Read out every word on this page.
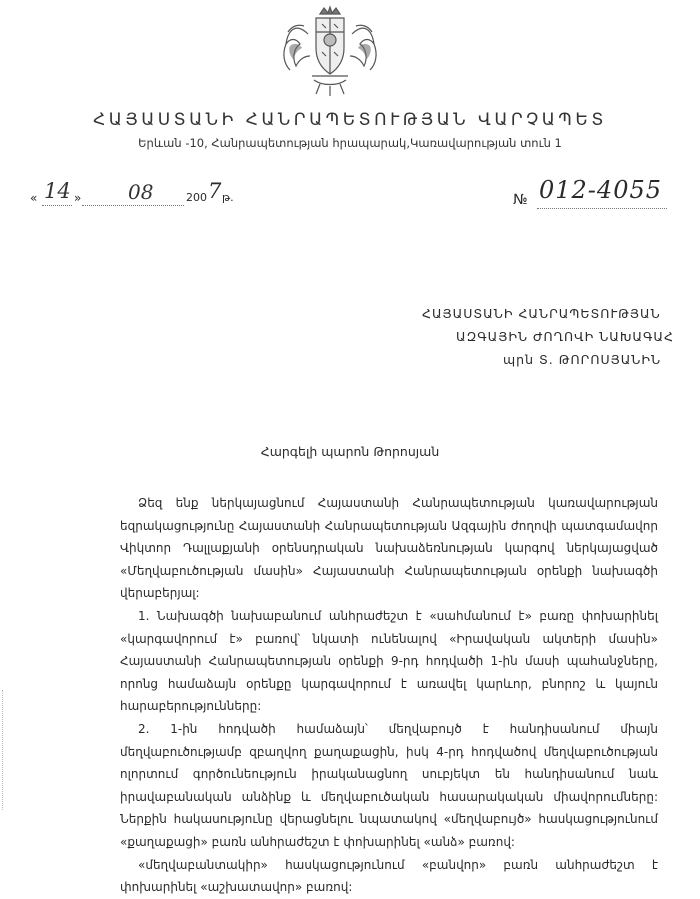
ՀԱՅԱՍՏԱՆԻ ՀԱՆՐԱՊԵՏՈՒԹՅԱՆ ՎԱՐՉԱՊԵՏ
Երևան -10, Հանրապետության հրապարակ,Կառավարության տուն 1
« 14 » 08	200 7 թ.	№ 012-4055
ՀԱՅԱՍՏԱՆԻ ՀԱՆՐԱՊԵՏՈՒԹՅԱՆ
ԱԶԳԱՅԻՆ ԺՈՂՈՎԻ ՆԱԽԱԳԱՀ
պրն Տ. ԹՈՐՈՍՅԱՆԻՆ
Հարգելի պարոն Թորոսյան

Ձեզ ենք ներկայացնում Հայաստանի Հանրապետության կառավարության եզրակացությունը Հայաստանի Հանրապետության Ազգային ժողովի պատգամավոր Վիկտոր Դալլաքյանի օրենսդրական նախաձեռնության կարգով ներկայացված «Մեղվաբուծության մասին» Հայաստանի Հանրապետության օրենքի նախագծի վերաբերյալ:

1. Նախագծի նախաբանում անհրաժեշտ է «սահմանում է» բառը փոխարինել «կարգավորում է» բառով՝ նկատի ունենալով «Իրավական ակտերի մասին» Հայաստանի Հանրապետության օրենքի 9-րդ հոդվածի 1-ին մասի պահանջները, որոնց համաձայն օրենքը կարգավորում է առավել կարևոր, բնորոշ և կայուն հարաբերությունները:

2. 1-ին հոդվածի համաձայն՝ մեղվաբույծ է հանդիսանում միայն մեղվաբուծությամբ զբաղվող քաղաքացին, իսկ 4-րդ հոդվածով մեղվաբուծության ոլորտում գործունեություն իրականացնող սուբյեկտ են հանդիսանում նաև իրավաբանական անձինք և մեղվաբուծական հասարակական միավորումները: Ներքին հակասությունը վերացնելու նպատակով «մեղվաբույծ» հասկացությունում «քաղաքացի» բառն անհրաժեշտ է փոխարինել «անձ» բառով:

«մեղվաբանտակիր» հասկացությունում «բանվոր» բառն անհրաժեշտ է փոխարինել «աշխատավոր» բառով:
